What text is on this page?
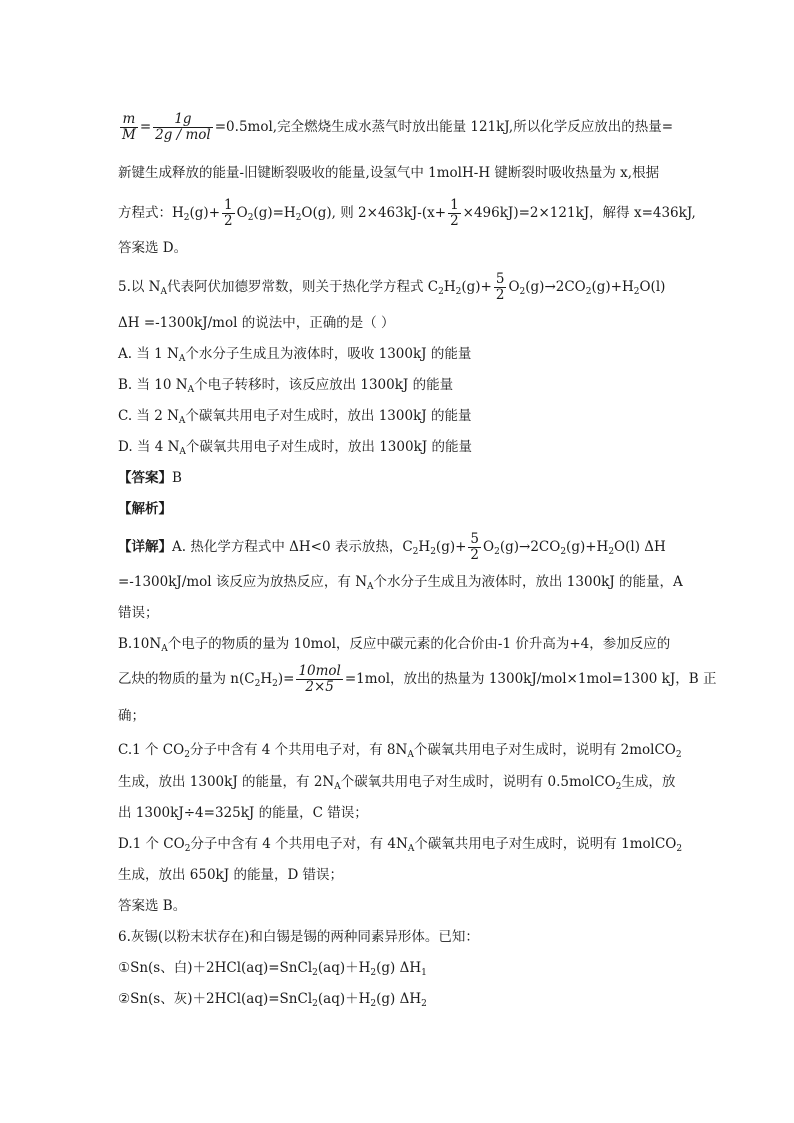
$\frac{m}{M} = \frac{1g}{\text{2g / mol}} =0.5mol$,完全燃烧生成水蒸气时放出能量 121kJ,所以化学反应放出的热量=
新键生成释放的能量-旧键断裂吸收的能量,设氢气中 1molH-H 键断裂时吸收热量为 x,根据
方程式：$H_2(g)+ \frac{1}{2} O_2(g)=H_2O(g)$, 则 $2\times 463kJ-(x+ \frac{1}{2} \times 496kJ)=2\times 121kJ$，解得 x=436kJ,
答案选 D。
5.以 $N_A$代表阿伏加德罗常数，则关于热化学方程式 $C_2H_2(g)+ \frac{5}{2} O_2(g)\to 2CO_2(g)+H_2O(l)$
ΔH =-1300kJ/mol 的说法中，正确的是（ ）
A. 当 1 $N_A$个水分子生成且为液体时，吸收 1300kJ 的能量
B. 当 10 $N_A$个电子转移时，该反应放出 1300kJ 的能量
C. 当 2 $N_A$个碳氧共用电子对生成时，放出 1300kJ 的能量
D. 当 4 $N_A$个碳氧共用电子对生成时，放出 1300kJ 的能量
【答案】B
【解析】
【详解】A. 热化学方程式中 ΔH<0 表示放热，$C_2H_2(g)+ \frac{5}{2} O_2(g)\to 2CO_2(g)+H_2O(l)$ ΔH
=-1300kJ/mol 该反应为放热反应，有 $N_A$个水分子生成且为液体时，放出 1300kJ 的能量，A
错误；
$B.10N_A$个电子的物质的量为 10mol，反应中碳元素的化合价由-1 价升高为+4，参加反应的
乙炔的物质的量为 $n(C_2H_2)= \frac{\text{10mol}}{2\times 5} =1mol$，放出的热量为 1300kJ/mol×1mol=1300 kJ，B 正
确；
C.1 个 $CO_2$分子中含有 4 个共用电子对，有 $8N_A$个碳氧共用电子对生成时，说明有 2molCO$_2$
生成，放出 1300kJ 的能量，有 $2N_A$个碳氧共用电子对生成时，说明有 0.5molCO$_2$生成，放
出 1300kJ÷4=325kJ 的能量，C 错误；
D.1 个 $CO_2$分子中含有 4 个共用电子对，有 $4N_A$个碳氧共用电子对生成时，说明有 1molCO$_2$
生成，放出 650kJ 的能量，D 错误；
答案选 B。
6.灰锡(以粉末状存在)和白锡是锡的两种同素异形体。已知：
①Sn(s、白)$+2HCl(aq)=SnCl_2(aq)+H_2(g)$ $\Delta H_1$
②Sn(s、灰)$+2HCl(aq)=SnCl_2(aq)+H_2(g)$ $\Delta H_2$
